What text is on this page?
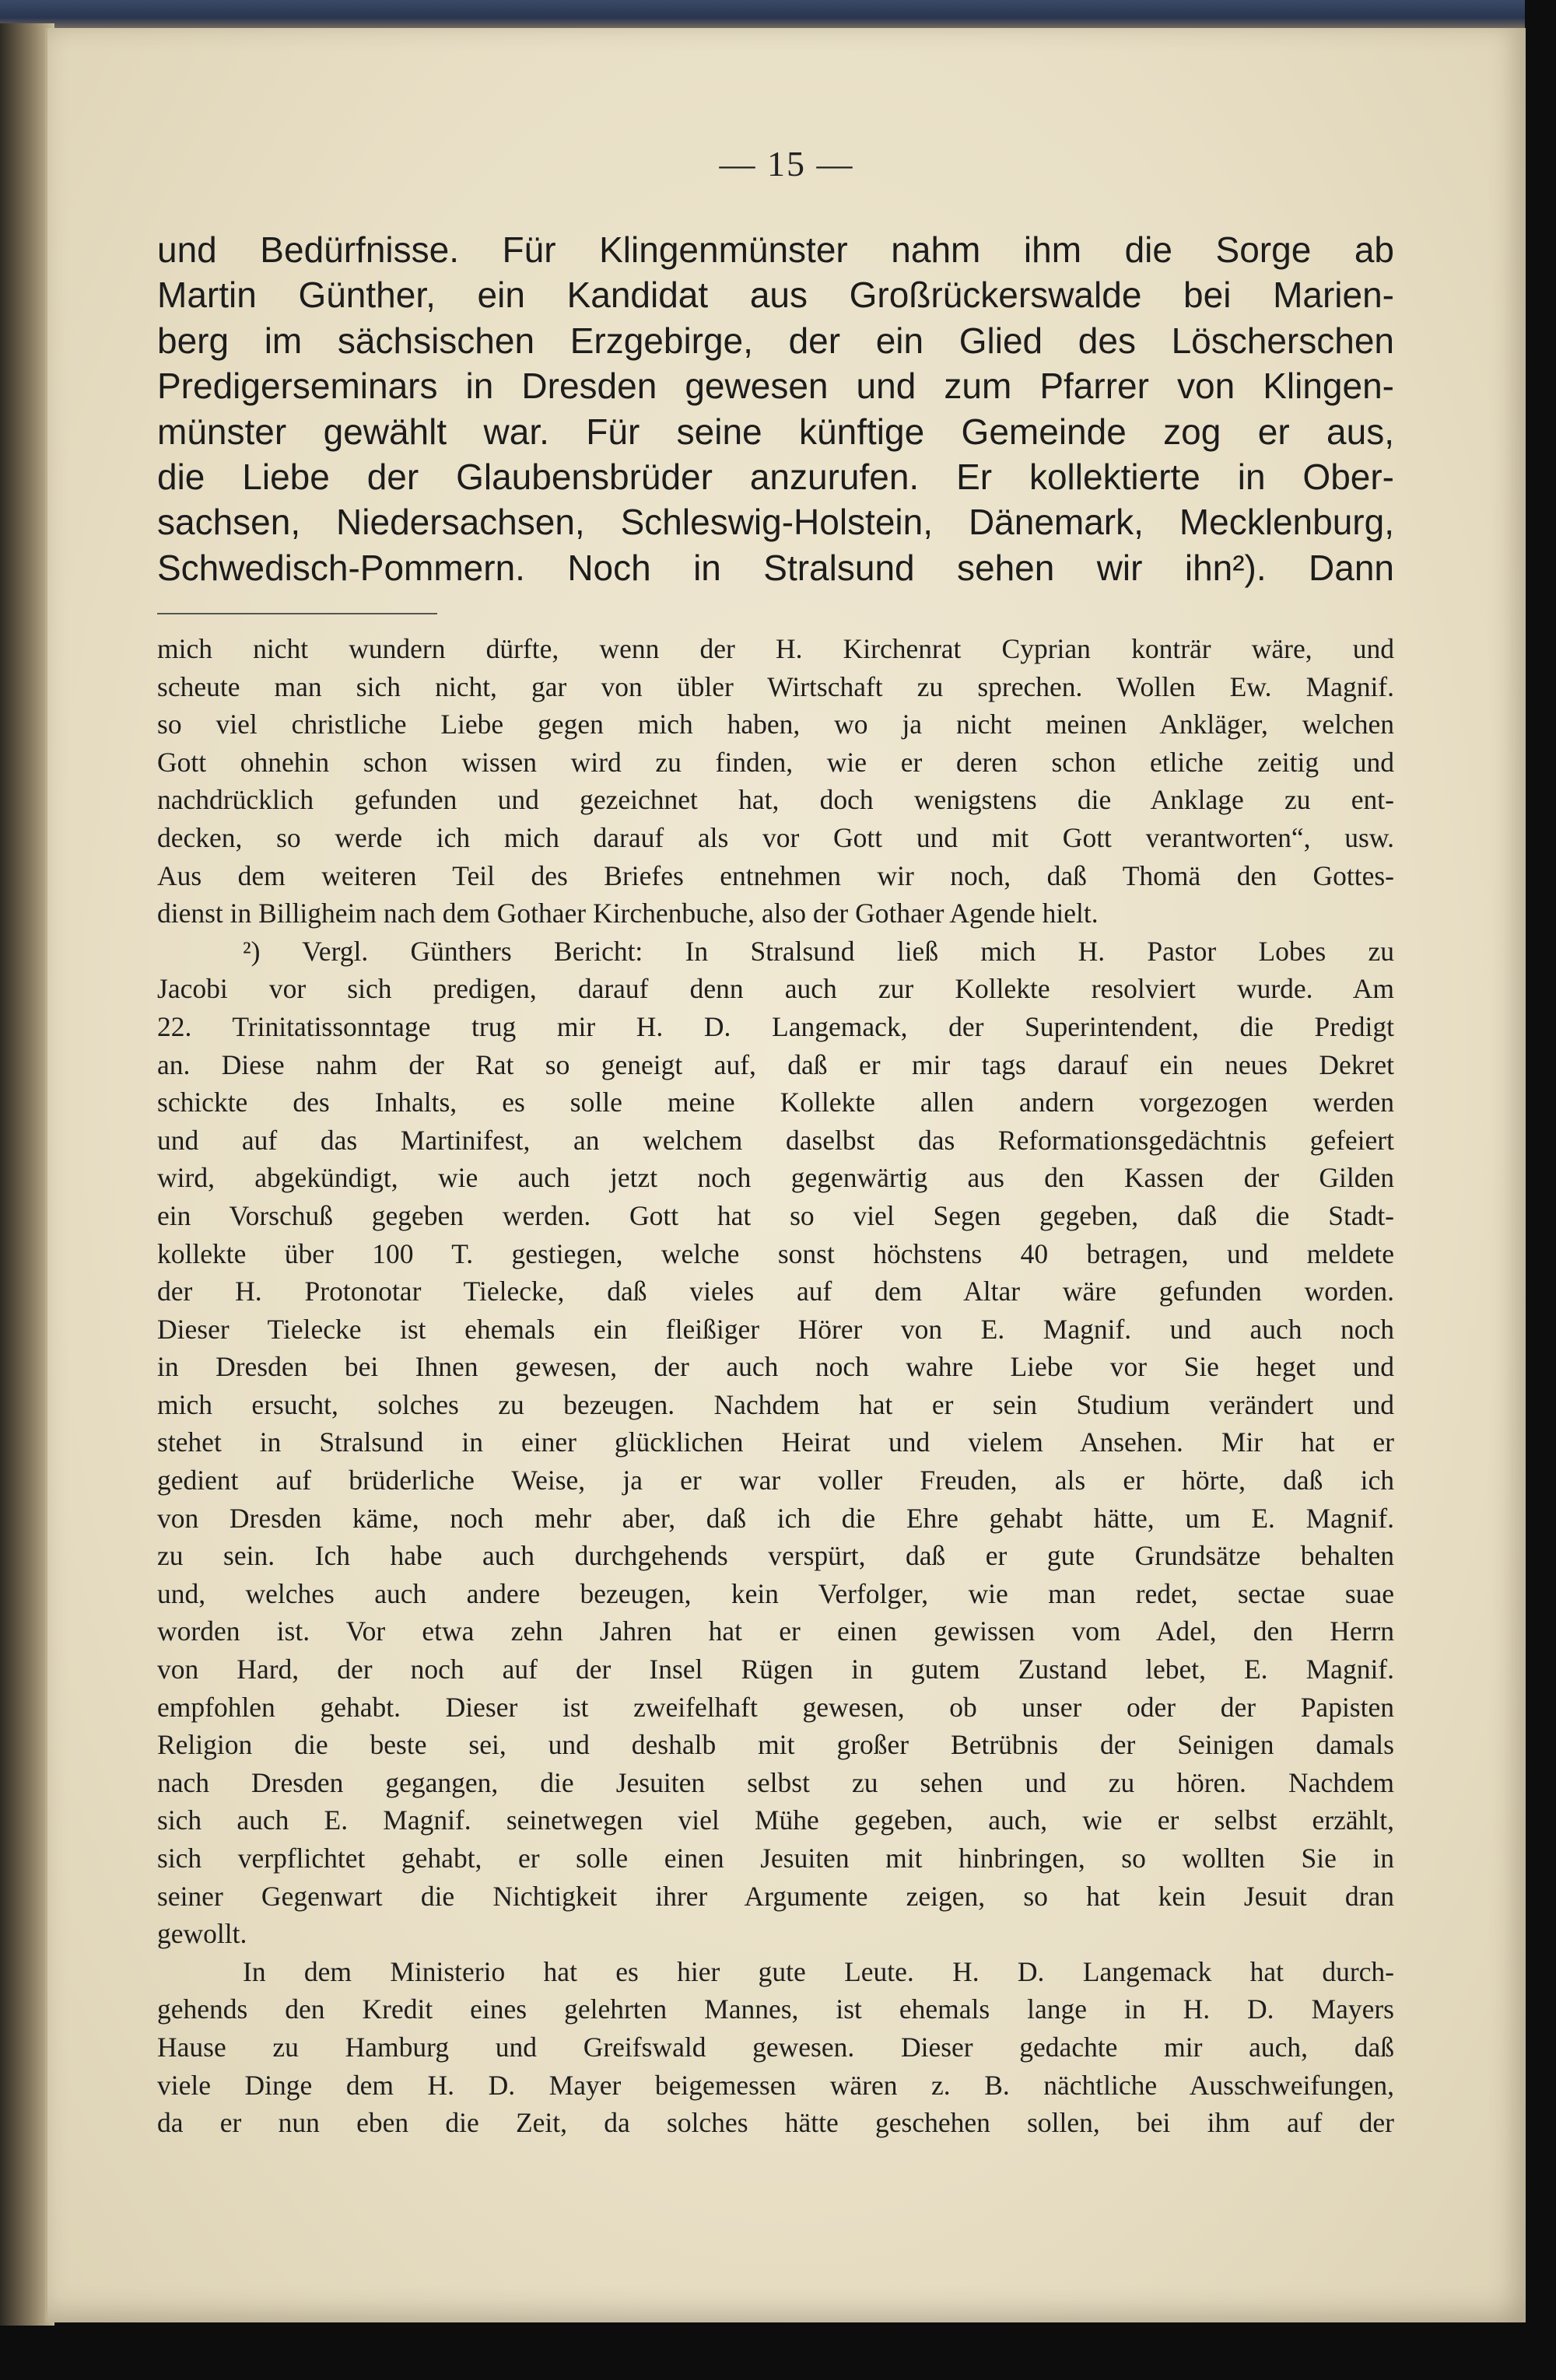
— 15 —
und Bedürfnisse. Für Klingenmünster nahm ihm die Sorge ab
Martin Günther, ein Kandidat aus Großrückerswalde bei Marien-
berg im sächsischen Erzgebirge, der ein Glied des Löscherschen
Predigerseminars in Dresden gewesen und zum Pfarrer von Klingen-
münster gewählt war. Für seine künftige Gemeinde zog er aus,
die Liebe der Glaubensbrüder anzurufen. Er kollektierte in Ober-
sachsen, Niedersachsen, Schleswig-Holstein, Dänemark, Mecklenburg,
Schwedisch-Pommern. Noch in Stralsund sehen wir ihn²). Dann
mich nicht wundern dürfte, wenn der H. Kirchenrat Cyprian konträr wäre, und
scheute man sich nicht, gar von übler Wirtschaft zu sprechen. Wollen Ew. Magnif.
so viel christliche Liebe gegen mich haben, wo ja nicht meinen Ankläger, welchen
Gott ohnehin schon wissen wird zu finden, wie er deren schon etliche zeitig und
nachdrücklich gefunden und gezeichnet hat, doch wenigstens die Anklage zu ent-
decken, so werde ich mich darauf als vor Gott und mit Gott verantworten“, usw.
Aus dem weiteren Teil des Briefes entnehmen wir noch, daß Thomä den Gottes-
dienst in Billigheim nach dem Gothaer Kirchenbuche, also der Gothaer Agende hielt.
²) Vergl. Günthers Bericht: In Stralsund ließ mich H. Pastor Lobes zu
Jacobi vor sich predigen, darauf denn auch zur Kollekte resolviert wurde. Am
22. Trinitatissonntage trug mir H. D. Langemack, der Superintendent, die Predigt
an. Diese nahm der Rat so geneigt auf, daß er mir tags darauf ein neues Dekret
schickte des Inhalts, es solle meine Kollekte allen andern vorgezogen werden
und auf das Martinifest, an welchem daselbst das Reformationsgedächtnis gefeiert
wird, abgekündigt, wie auch jetzt noch gegenwärtig aus den Kassen der Gilden
ein Vorschuß gegeben werden. Gott hat so viel Segen gegeben, daß die Stadt-
kollekte über 100 T. gestiegen, welche sonst höchstens 40 betragen, und meldete
der H. Protonotar Tielecke, daß vieles auf dem Altar wäre gefunden worden.
Dieser Tielecke ist ehemals ein fleißiger Hörer von E. Magnif. und auch noch
in Dresden bei Ihnen gewesen, der auch noch wahre Liebe vor Sie heget und
mich ersucht, solches zu bezeugen. Nachdem hat er sein Studium verändert und
stehet in Stralsund in einer glücklichen Heirat und vielem Ansehen. Mir hat er
gedient auf brüderliche Weise, ja er war voller Freuden, als er hörte, daß ich
von Dresden käme, noch mehr aber, daß ich die Ehre gehabt hätte, um E. Magnif.
zu sein. Ich habe auch durchgehends verspürt, daß er gute Grundsätze behalten
und, welches auch andere bezeugen, kein Verfolger, wie man redet, sectae suae
worden ist. Vor etwa zehn Jahren hat er einen gewissen vom Adel, den Herrn
von Hard, der noch auf der Insel Rügen in gutem Zustand lebet, E. Magnif.
empfohlen gehabt. Dieser ist zweifelhaft gewesen, ob unser oder der Papisten
Religion die beste sei, und deshalb mit großer Betrübnis der Seinigen damals
nach Dresden gegangen, die Jesuiten selbst zu sehen und zu hören. Nachdem
sich auch E. Magnif. seinetwegen viel Mühe gegeben, auch, wie er selbst erzählt,
sich verpflichtet gehabt, er solle einen Jesuiten mit hinbringen, so wollten Sie in
seiner Gegenwart die Nichtigkeit ihrer Argumente zeigen, so hat kein Jesuit dran
gewollt.
In dem Ministerio hat es hier gute Leute. H. D. Langemack hat durch-
gehends den Kredit eines gelehrten Mannes, ist ehemals lange in H. D. Mayers
Hause zu Hamburg und Greifswald gewesen. Dieser gedachte mir auch, daß
viele Dinge dem H. D. Mayer beigemessen wären z. B. nächtliche Ausschweifungen,
da er nun eben die Zeit, da solches hätte geschehen sollen, bei ihm auf der
